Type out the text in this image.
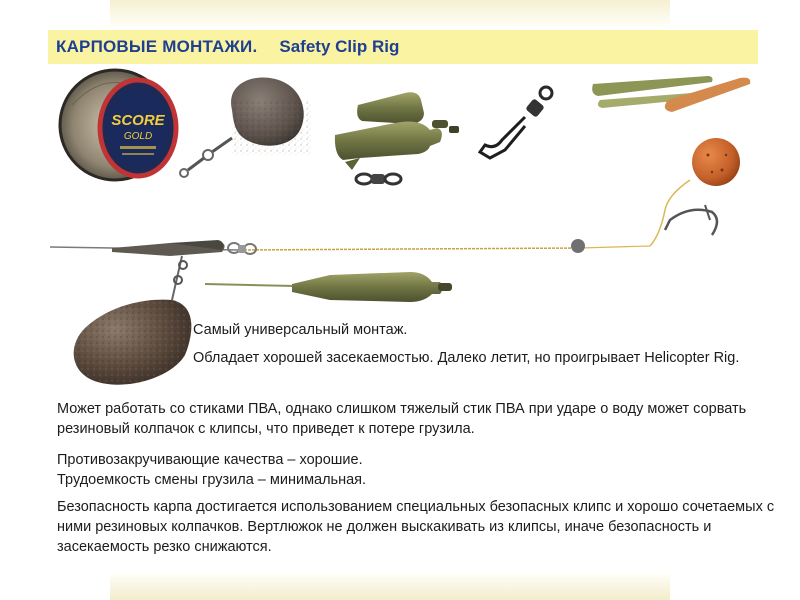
КАРПОВЫЕ МОНТАЖИ. Safety Clip Rig
SCORE
GOLD
Самый универсальный монтаж.
Обладает хорошей засекаемостью. Далеко летит, но проигрывает Helicopter Rig.
Может работать со стиками ПВА, однако слишком тяжелый стик ПВА при ударе о воду может сорвать резиновый колпачок с клипсы, что приведет к потере грузила.
Противозакручивающие качества – хорошие.
Трудоемкость смены грузила – минимальная.
Безопасность карпа достигается использованием специальных безопасных клипс и хорошо сочетаемых с ними резиновых колпачков. Вертлюжок не должен выскакивать из клипсы, иначе безопасность и засекаемость резко снижаются.
